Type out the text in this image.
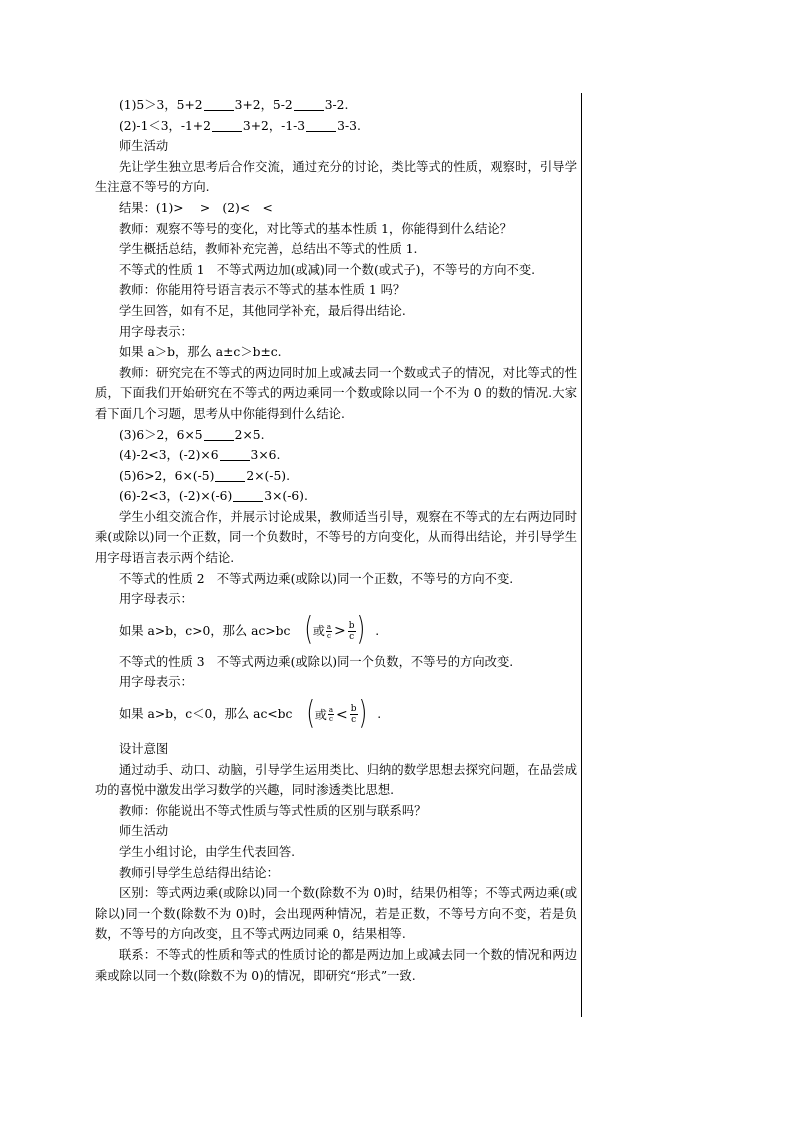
(1)5＞3，5+2	3+2，5-2	3-2.
(2)-1＜3，-1+2	3+2，-1-3	3-3.
师生活动
先让学生独立思考后合作交流，通过充分的讨论，类比等式的性质，观察时，引导学生注意不等号的方向.
结果：(1)>　 >　(2)<　<
教师：观察不等号的变化，对比等式的基本性质 1，你能得到什么结论？
学生概括总结，教师补充完善，总结出不等式的性质 1.
不等式的性质 1　不等式两边加(或减)同一个数(或式子)，不等号的方向不变.
教师：你能用符号语言表示不等式的基本性质 1 吗？
学生回答，如有不足，其他同学补充，最后得出结论.
用字母表示：
如果 a＞b，那么 a±c＞b±c.
教师：研究完在不等式的两边同时加上或减去同一个数或式子的情况，对比等式的性质，下面我们开始研究在不等式的两边乘同一个数或除以同一个不为 0 的数的情况.大家看下面几个习题，思考从中你能得到什么结论.
(3)6＞2，6×5	2×5.
(4)-2<3，(-2)×6	3×6.
(5)6>2，6×(-5)	2×(-5).
(6)-2<3，(-2)×(-6)	3×(-6).
学生小组交流合作，并展示讨论成果，教师适当引导，观察在不等式的左右两边同时乘(或除以)同一个正数，同一个负数时，不等号的方向变化，从而得出结论，并引导学生用字母语言表示两个结论.
不等式的性质 2　不等式两边乘(或除以)同一个正数，不等号的方向不变.
用字母表示：
如果 a>b，c>0，那么 ac>bc ( 或 $\frac{a}{c} > \frac{b}{c}$ ) .
不等式的性质 3　不等式两边乘(或除以)同一个负数，不等号的方向改变.
用字母表示：
如果 a>b，c＜0，那么 ac<bc ( 或 $\frac{a}{c} < \frac{b}{c}$ ) .
设计意图
通过动手、动口、动脑，引导学生运用类比、归纳的数学思想去探究问题，在品尝成功的喜悦中激发出学习数学的兴趣，同时渗透类比思想.
教师：你能说出不等式性质与等式性质的区别与联系吗？
师生活动
学生小组讨论，由学生代表回答.
教师引导学生总结得出结论：
区别：等式两边乘(或除以)同一个数(除数不为 0)时，结果仍相等；不等式两边乘(或除以)同一个数(除数不为 0)时，会出现两种情况，若是正数，不等号方向不变，若是负数，不等号的方向改变，且不等式两边同乘 0，结果相等.
联系：不等式的性质和等式的性质讨论的都是两边加上或减去同一个数的情况和两边乘或除以同一个数(除数不为 0)的情况，即研究“形式”一致.
